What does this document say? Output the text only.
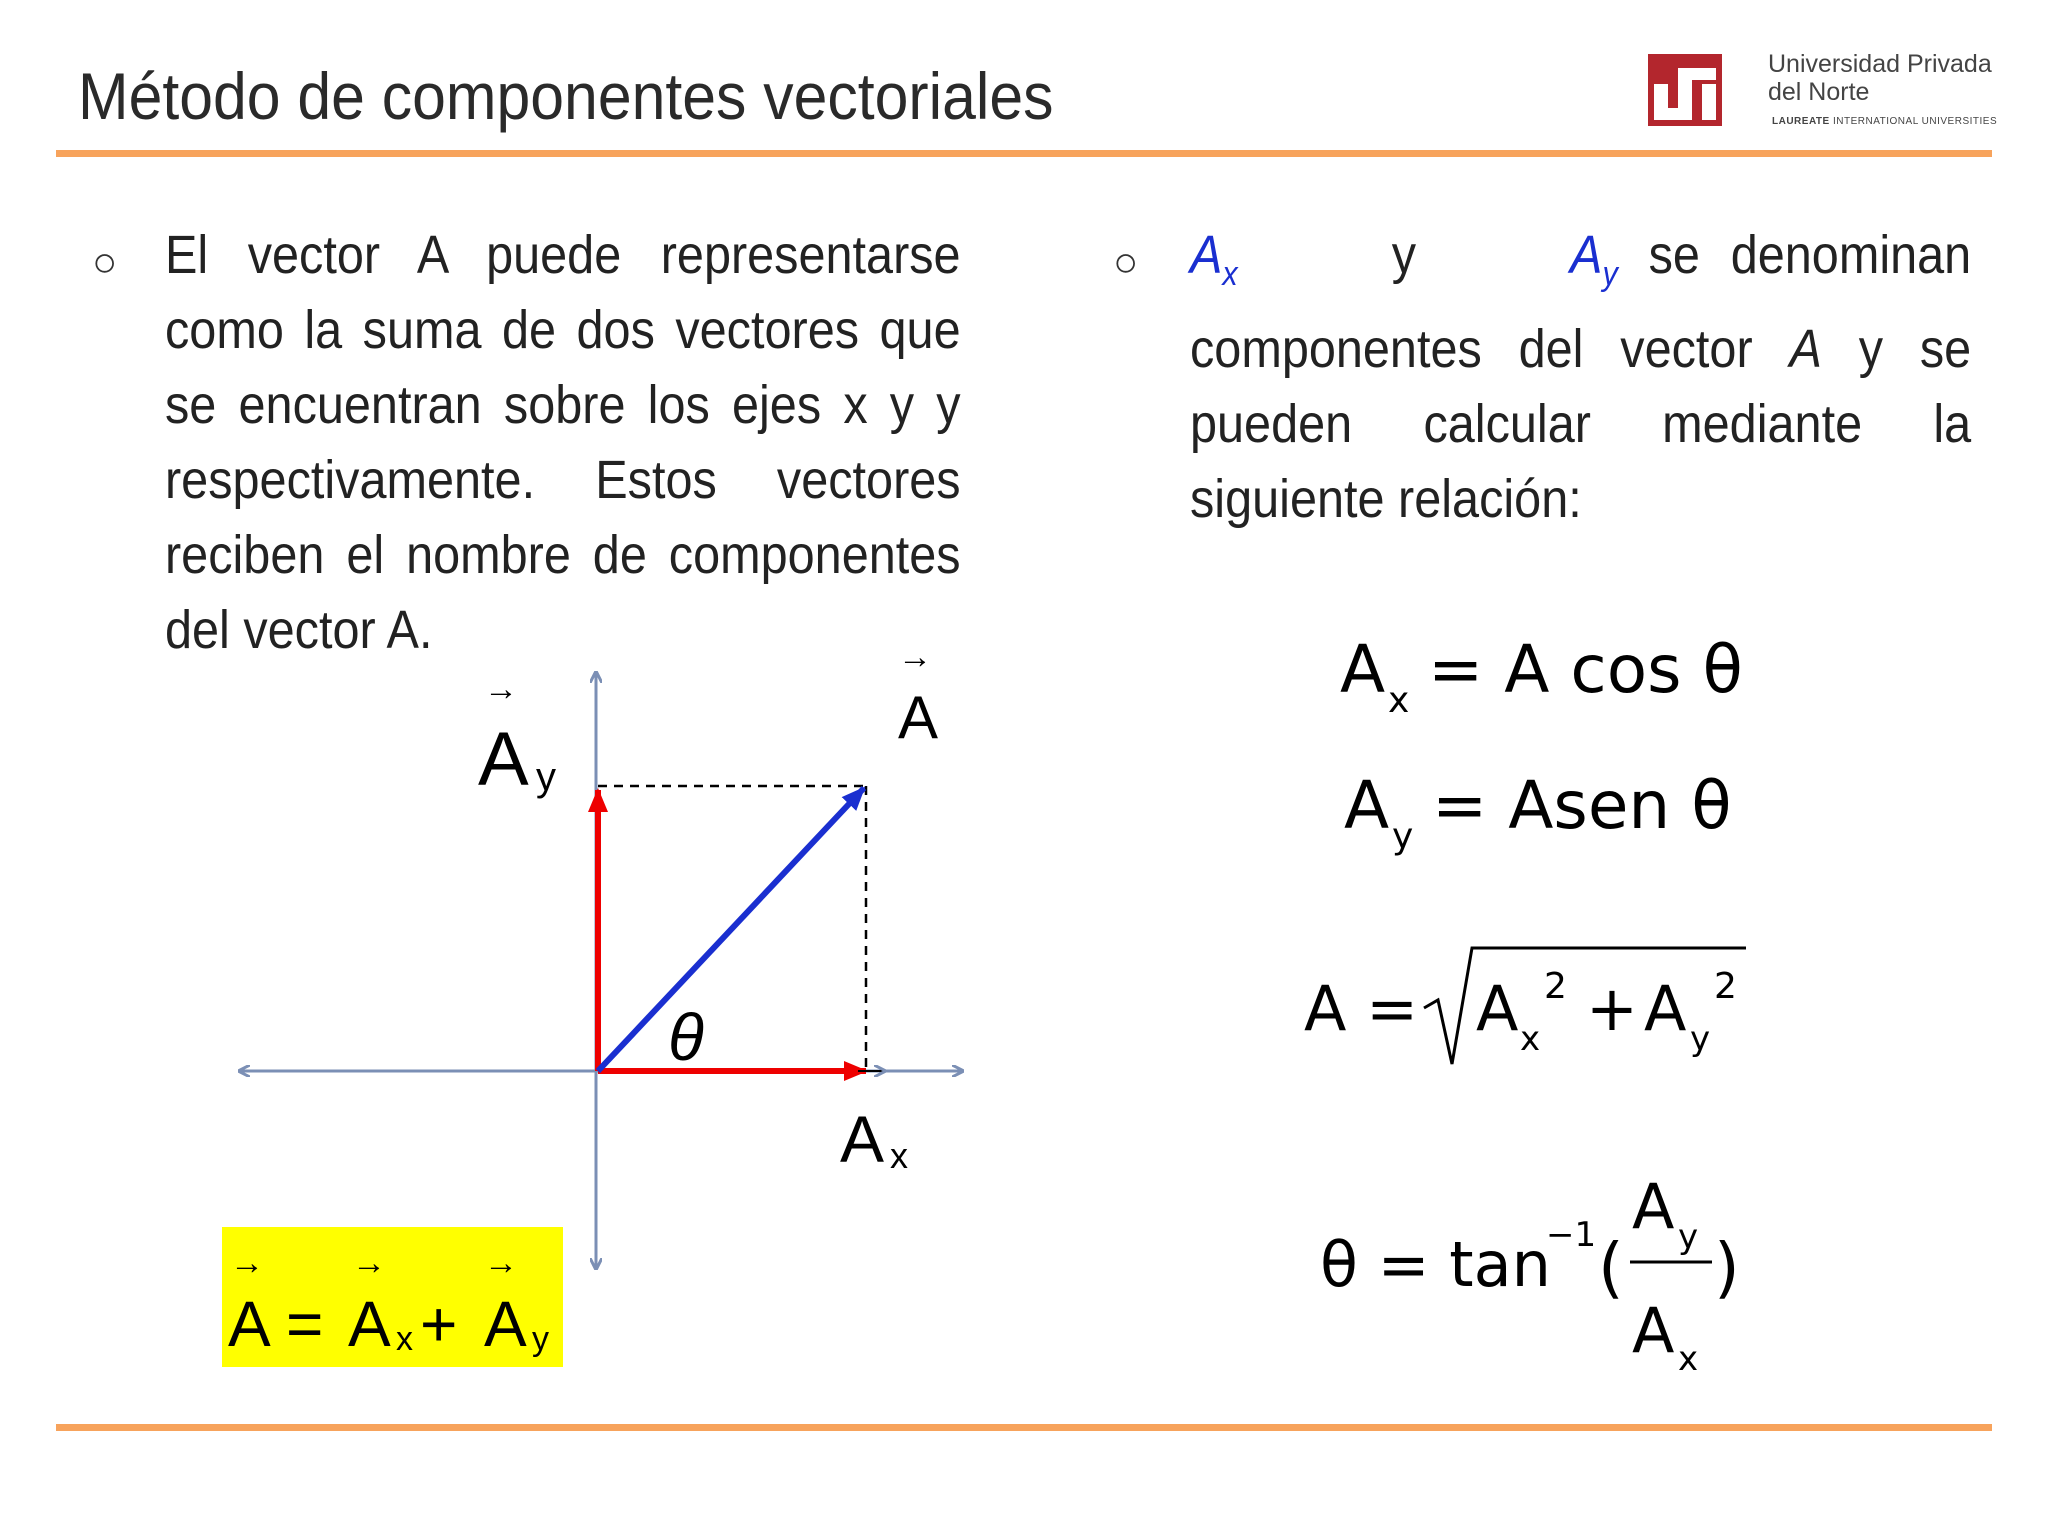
Método de componentes vectoriales	Universidad Privada
del Norte
LAUREATE INTERNATIONAL UNIVERSITIES
○ El vector A puede representarse como la suma de dos vectores que se encuentran sobre los ejes x y y respectivamente. Estos vectores reciben el nombre de componentes del vector A.
○ $A_x$	y	$A_y$ se denominan componentes del vector A y se pueden calcular mediante la siguiente relación:
θ
→
A
→
A y
A x
→	→	→
A = A x + A y
A x = A cos θ
A y = Asen θ
A = A x
2 + A y
2
θ = tan
−1 (
A y
A x
)
